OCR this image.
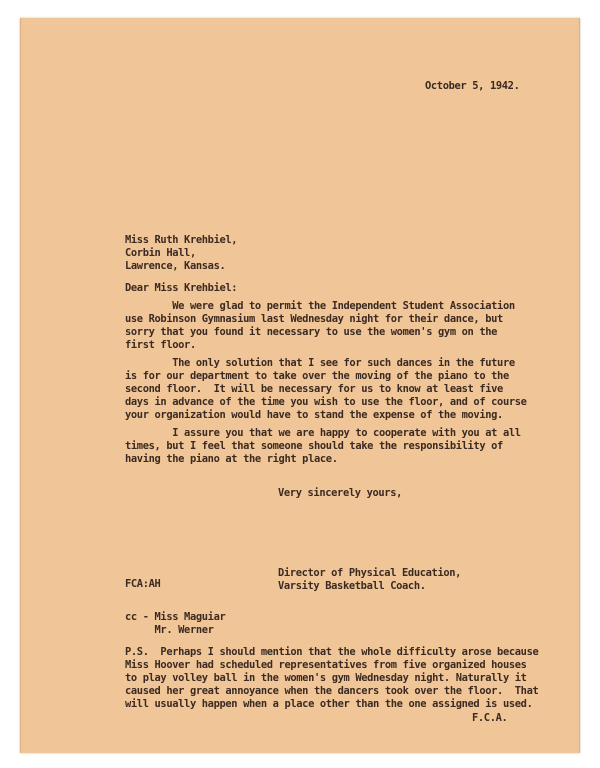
October 5, 1942.
Miss Ruth Krehbiel,
Corbin Hall,
Lawrence, Kansas.
Dear Miss Krehbiel:
We were glad to permit the Independent Student Association
use Robinson Gymnasium last Wednesday night for their dance, but
sorry that you found it necessary to use the women's gym on the
first floor.
The only solution that I see for such dances in the future
is for our department to take over the moving of the piano to the
second floor.  It will be necessary for us to know at least five
days in advance of the time you wish to use the floor, and of course
your organization would have to stand the expense of the moving.
I assure you that we are happy to cooperate with you at all
times, but I feel that someone should take the responsibility of
having the piano at the right place.
Very sincerely yours,
Director of Physical Education,
Varsity Basketball Coach.
FCA:AH
cc - Miss Maguiar
Mr. Werner
P.S.  Perhaps I should mention that the whole difficulty arose because
Miss Hoover had scheduled representatives from five organized houses
to play volley ball in the women's gym Wednesday night. Naturally it
caused her great annoyance when the dancers took over the floor.  That
will usually happen when a place other than the one assigned is used.
F.C.A.
